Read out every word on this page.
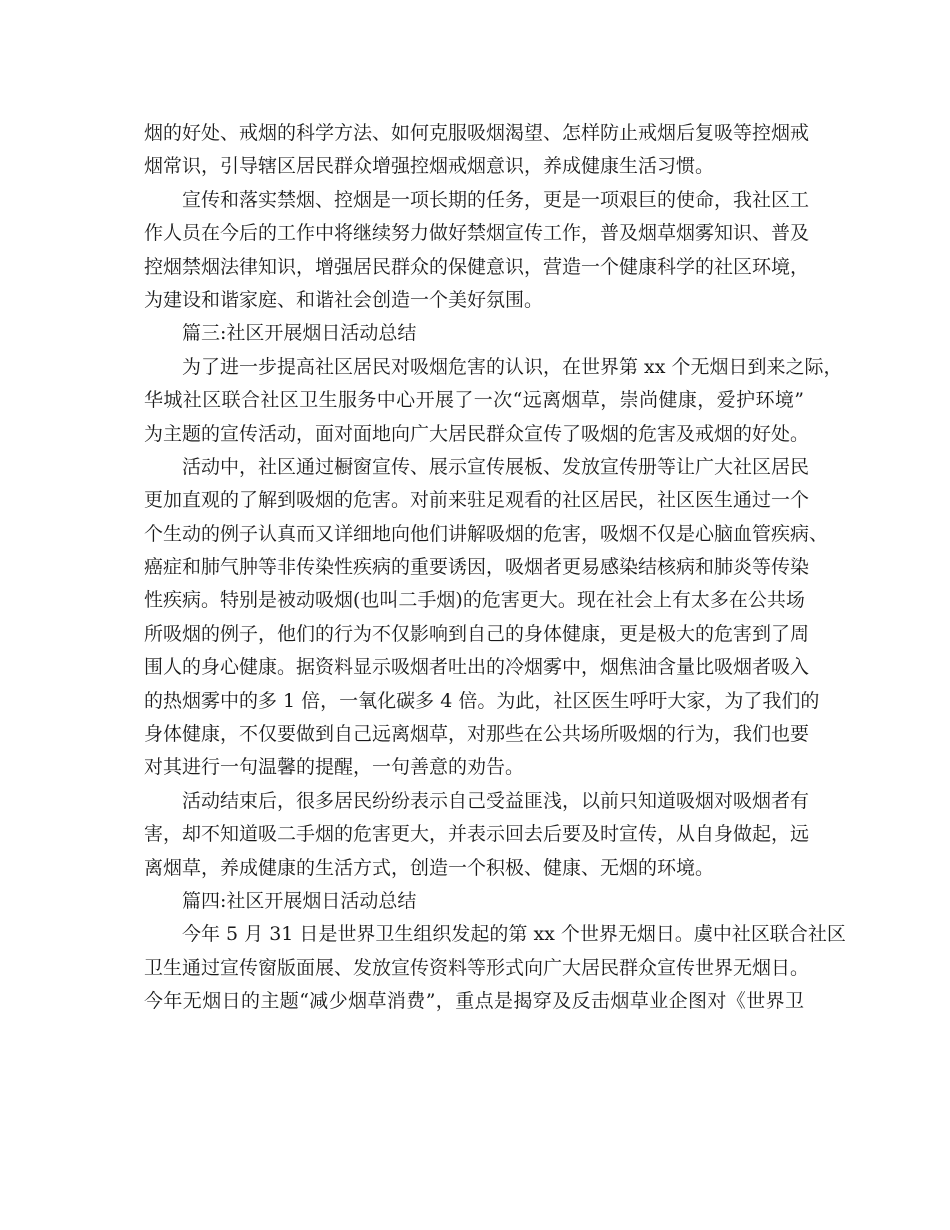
烟的好处、戒烟的科学方法、如何克服吸烟渴望、怎样防止戒烟后复吸等控烟戒
烟常识，引导辖区居民群众增强控烟戒烟意识，养成健康生活习惯。
宣传和落实禁烟、控烟是一项长期的任务，更是一项艰巨的使命，我社区工
作人员在今后的工作中将继续努力做好禁烟宣传工作，普及烟草烟雾知识、普及
控烟禁烟法律知识，增强居民群众的保健意识，营造一个健康科学的社区环境，
为建设和谐家庭、和谐社会创造一个美好氛围。
篇三:社区开展烟日活动总结
为了进一步提高社区居民对吸烟危害的认识，在世界第 xx 个无烟日到来之际，
华城社区联合社区卫生服务中心开展了一次“远离烟草，崇尚健康，爱护环境”
为主题的宣传活动，面对面地向广大居民群众宣传了吸烟的危害及戒烟的好处。
活动中，社区通过橱窗宣传、展示宣传展板、发放宣传册等让广大社区居民
更加直观的了解到吸烟的危害。对前来驻足观看的社区居民，社区医生通过一个
个生动的例子认真而又详细地向他们讲解吸烟的危害，吸烟不仅是心脑血管疾病、
癌症和肺气肿等非传染性疾病的重要诱因，吸烟者更易感染结核病和肺炎等传染
性疾病。特别是被动吸烟(也叫二手烟)的危害更大。现在社会上有太多在公共场
所吸烟的例子，他们的行为不仅影响到自己的身体健康，更是极大的危害到了周
围人的身心健康。据资料显示吸烟者吐出的冷烟雾中，烟焦油含量比吸烟者吸入
的热烟雾中的多 1 倍，一氧化碳多 4 倍。为此，社区医生呼吁大家，为了我们的
身体健康，不仅要做到自己远离烟草，对那些在公共场所吸烟的行为，我们也要
对其进行一句温馨的提醒，一句善意的劝告。
活动结束后，很多居民纷纷表示自己受益匪浅，以前只知道吸烟对吸烟者有
害，却不知道吸二手烟的危害更大，并表示回去后要及时宣传，从自身做起，远
离烟草，养成健康的生活方式，创造一个积极、健康、无烟的环境。
篇四:社区开展烟日活动总结
今年 5 月 31 日是世界卫生组织发起的第 xx 个世界无烟日。虞中社区联合社区
卫生通过宣传窗版面展、发放宣传资料等形式向广大居民群众宣传世界无烟日。
今年无烟日的主题“减少烟草消费”，重点是揭穿及反击烟草业企图对《世界卫
